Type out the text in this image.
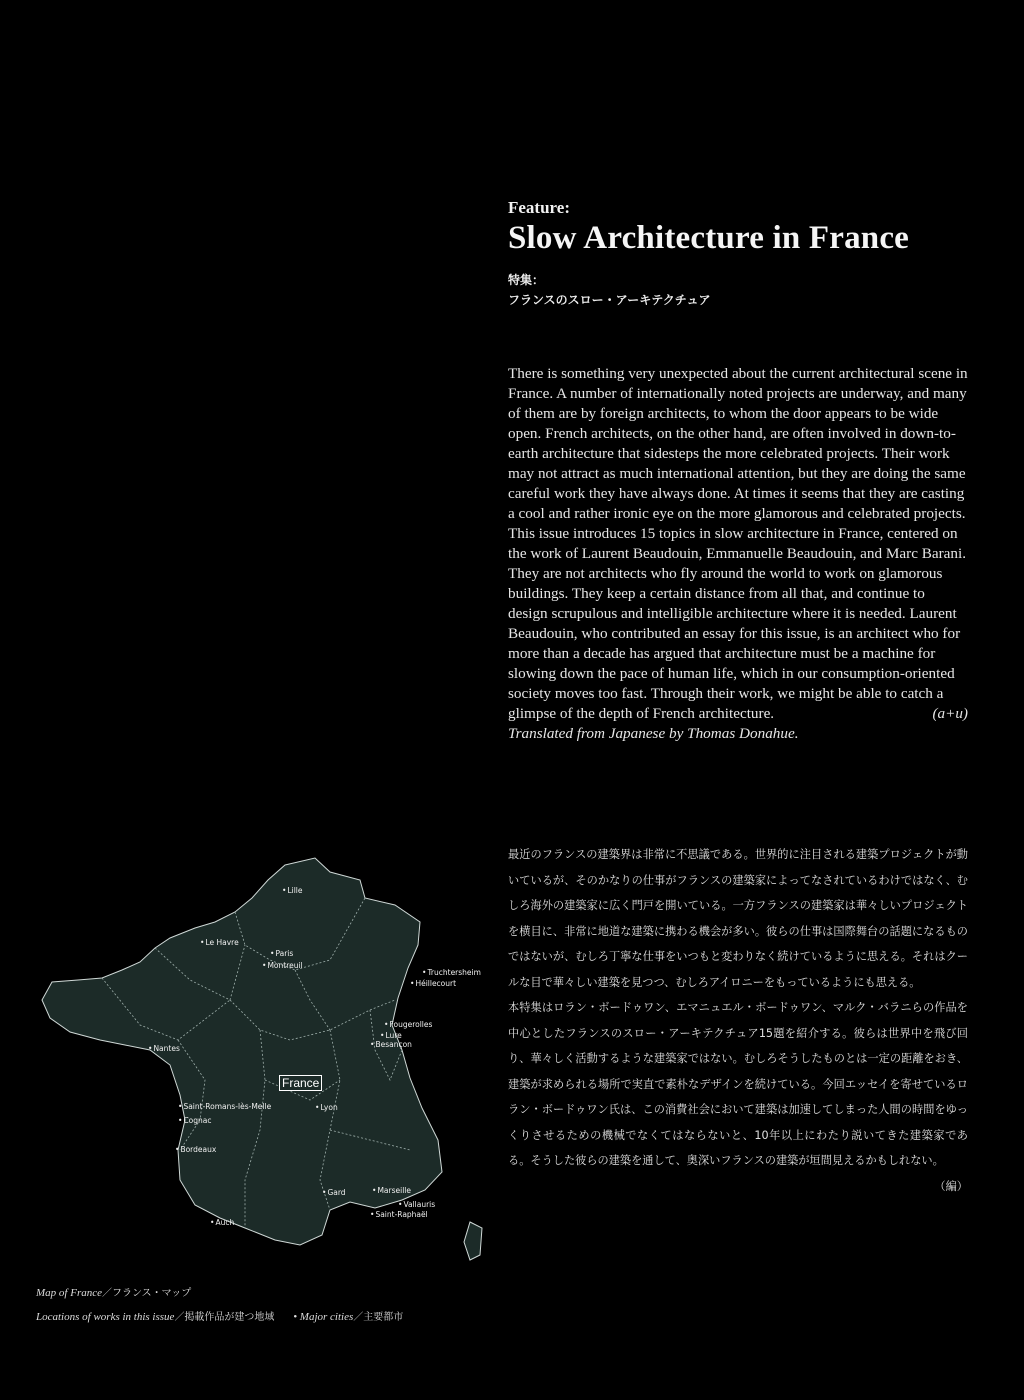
Feature:

Slow Architecture in France

特集：

フランスのスロー・アーキテクチュア

There is something very unexpected about the current architectural scene in France. A number of internationally noted projects are underway, and many of them are by foreign architects, to whom the door appears to be wide open. French architects, on the other hand, are often involved in down-to-earth architecture that sidesteps the more celebrated projects. Their work may not attract as much international attention, but they are doing the same careful work they have always done. At times it seems that they are casting a cool and rather ironic eye on the more glamorous and celebrated projects.

This issue introduces 15 topics in slow architecture in France, centered on the work of Laurent Beaudouin, Emmanuelle Beaudouin, and Marc Barani. They are not architects who fly around the world to work on glamorous buildings. They keep a certain distance from all that, and continue to design scrupulous and intelligible architecture where it is needed. Laurent Beaudouin, who contributed an essay for this issue, is an architect who for more than a decade has argued that architecture must be a machine for slowing down the pace of human life, which in our consumption-oriented society moves too fast. Through their work, we might be able to catch a

glimpse of the depth of French architecture.	(a+u)

Translated from Japanese by Thomas Donahue.

最近のフランスの建築界は非常に不思議である。世界的に注目される建築プロジェクトが動いているが、そのかなりの仕事がフランスの建築家によってなされているわけではなく、むしろ海外の建築家に広く門戸を開いている。一方フランスの建築家は華々しいプロジェクトを横目に、非常に地道な建築に携わる機会が多い。彼らの仕事は国際舞台の話題になるものではないが、むしろ丁寧な仕事をいつもと変わりなく続けているように思える。それはクールな目で華々しい建築を見つつ、むしろアイロニーをもっているようにも思える。

本特集はロラン・ボードゥワン、エマニュエル・ボードゥワン、マルク・バラニらの作品を中心としたフランスのスロー・アーキテクチュア15題を紹介する。彼らは世界中を飛び回り、華々しく活動するような建築家ではない。むしろそうしたものとは一定の距離をおき、建築が求められる場所で実直で素朴なデザインを続けている。今回エッセイを寄せているロラン・ボードゥワン氏は、この消費社会において建築は加速してしまった人間の時間をゆっくりさせるための機械でなくてはならないと、10年以上にわたり説いてきた建築家である。そうした彼らの建築を通して、奥深いフランスの建築が垣間見えるかもしれない。
（編）

• Lille
• Le Havre
• Paris
• Montreuil
• Truchtersheim
• Héillecourt
• Fougerolles
• Lure
• Besançon
• Nantes
• Saint-Romans-lès-Melle
• Cognac
• Lyon
• Bordeaux
• Gard
•	Marseille
• Vallauris
• Saint-Raphaël
• Auch
France
Map of France／フランス・マップ
Locations of works in this issue／掲載作品が建つ地域 • Major cities／主要都市
